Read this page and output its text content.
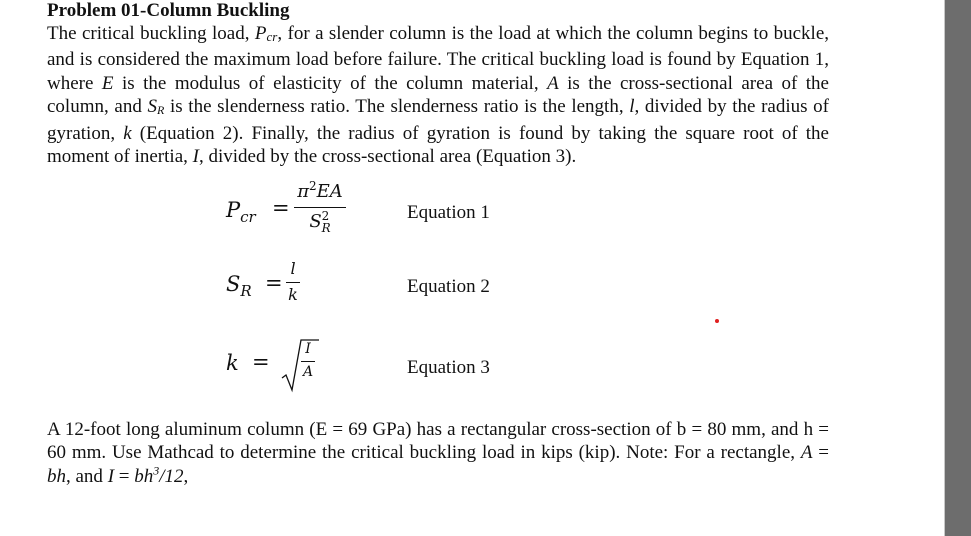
Problem 01-Column Buckling

The critical buckling load, Pcr, for a slender column is the load at which the column begins to buckle, and is considered the maximum load before failure. The critical buckling load is found by Equation 1, where E is the modulus of elasticity of the column material, A is the cross-sectional area of the column, and SR is the slenderness ratio. The slenderness ratio is the length, l, divided by the radius of gyration, k (Equation 2). Finally, the radius of gyration is found by taking the square root of the moment of inertia, I, divided by the cross-sectional area (Equation 3).

$P_{cr}$ =
$\pi^2EA$
S 2
R
Equation 1
$S_R$ =
l
k	Equation 2
k =
I
A	Equation 3

A 12-foot long aluminum column (E = 69 GPa) has a rectangular cross-section of b = 80 mm, and h = 60 mm. Use Mathcad to determine the critical buckling load in kips (kip). Note: For a rectangle, A = bh, and $I = bh^3/12$,
